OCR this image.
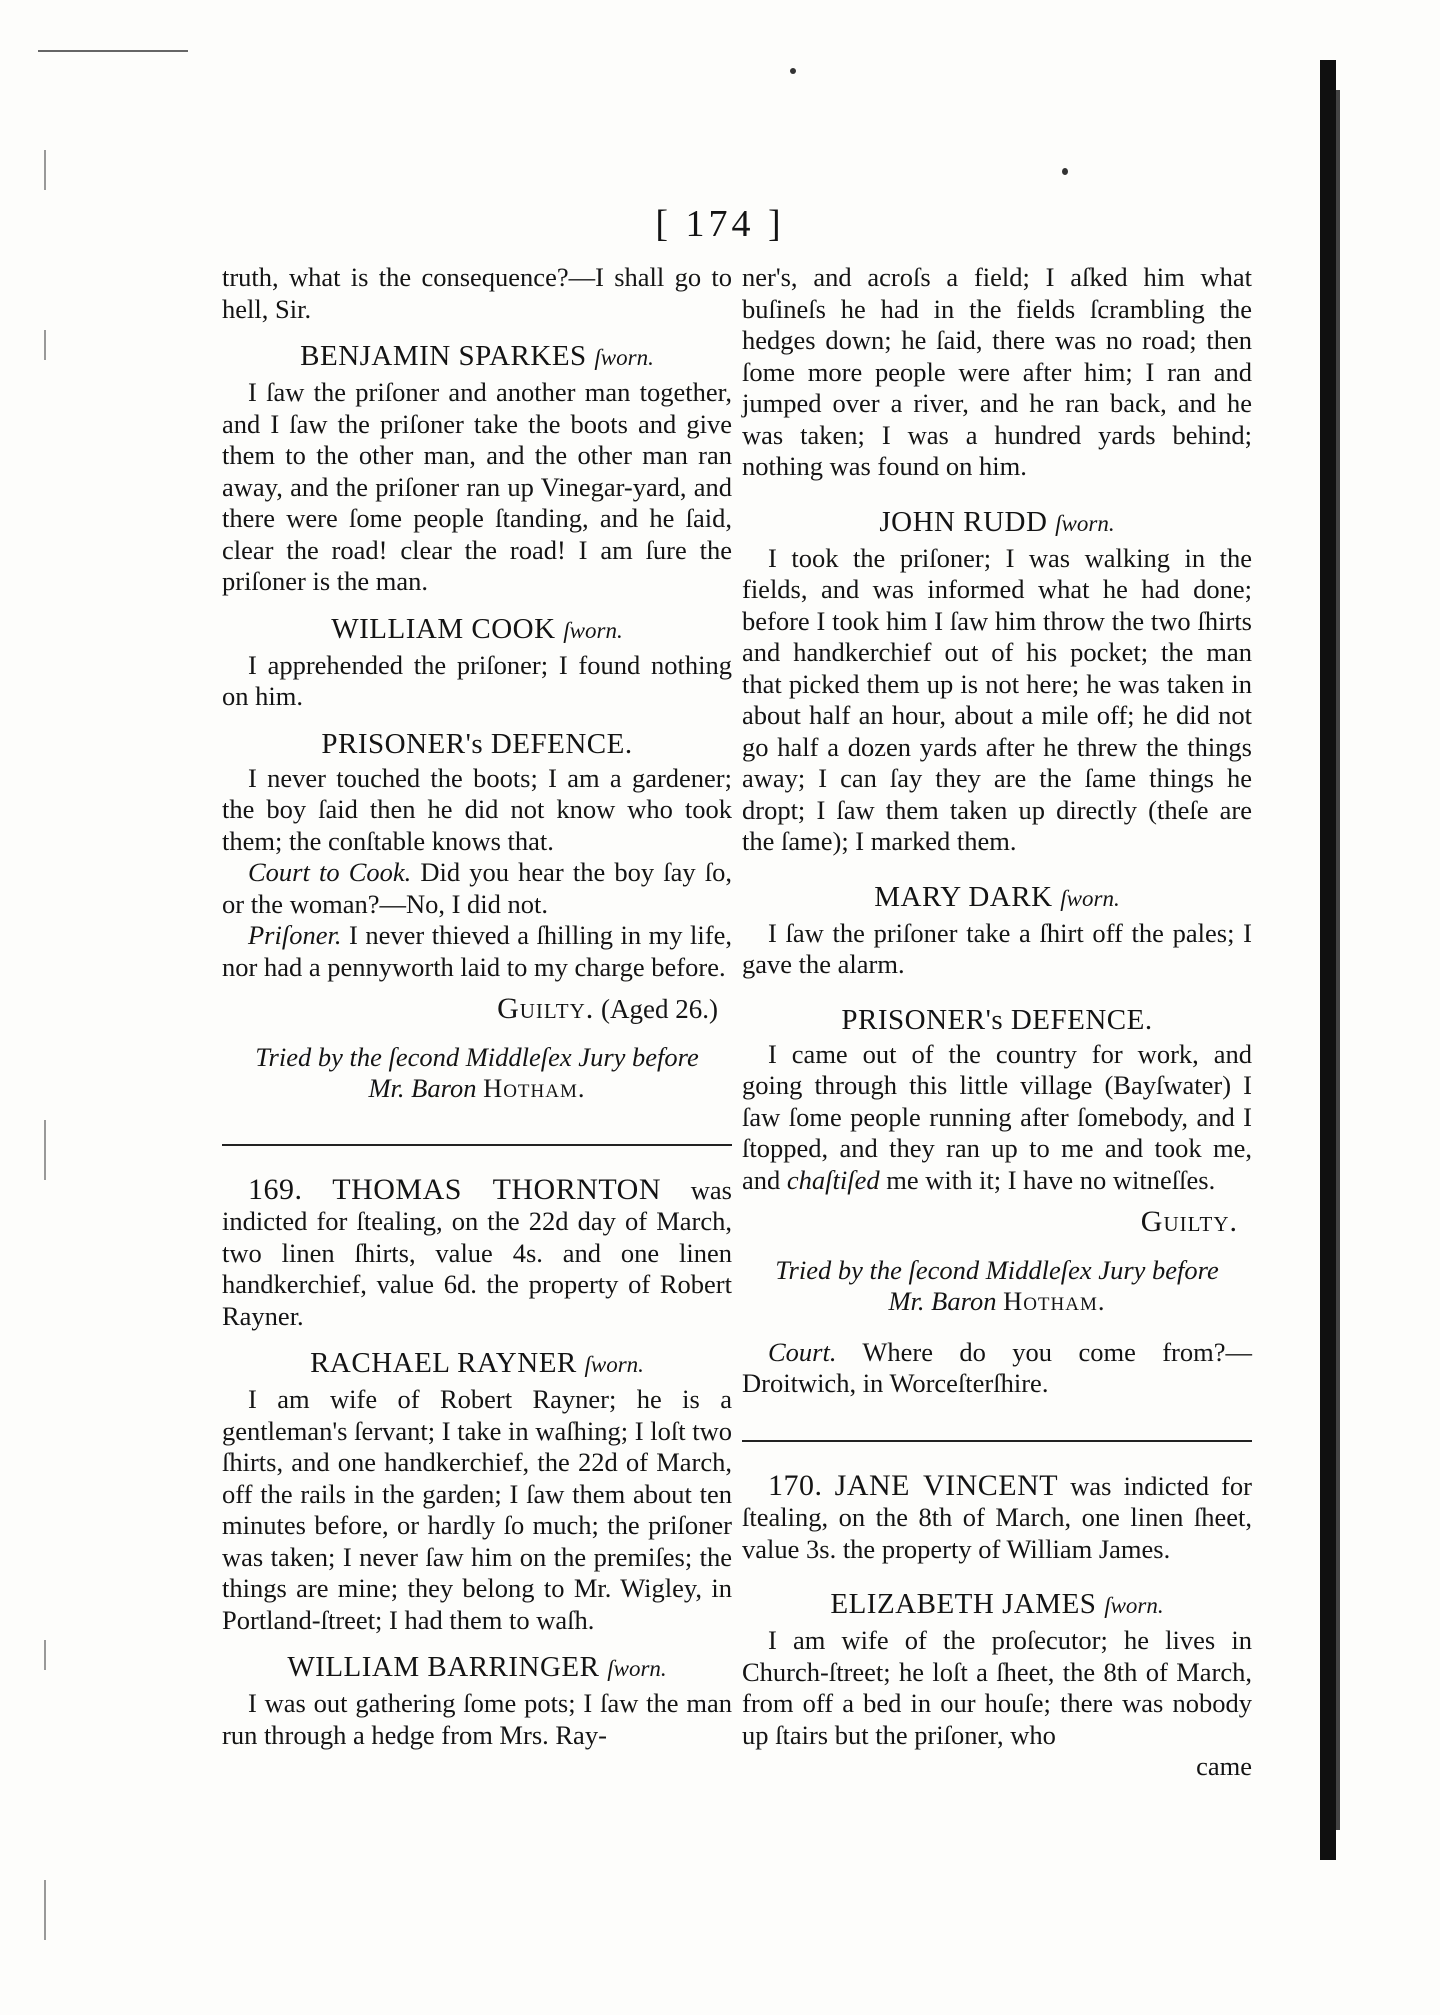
[ 174 ]

truth, what is the consequence?—I shall go to hell, Sir.

BENJAMIN SPARKES ſworn.

I ſaw the priſoner and another man together, and I ſaw the priſoner take the boots and give them to the other man, and the other man ran away, and the priſoner ran up Vinegar-yard, and there were ſome people ſtanding, and he ſaid, clear the road! clear the road! I am ſure the priſoner is the man.

WILLIAM COOK ſworn.

I apprehended the priſoner; I found nothing on him.

PRISONER's DEFENCE.

I never touched the boots; I am a gardener; the boy ſaid then he did not know who took them; the conſtable knows that.

Court to Cook. Did you hear the boy ſay ſo, or the woman?—No, I did not.

Priſoner. I never thieved a ſhilling in my life, nor had a pennyworth laid to my charge before.

Guilty. (Aged 26.)
Tried by the ſecond Middleſex Jury before
Mr. Baron Hotham.

169. THOMAS THORNTON was indicted for ſtealing, on the 22d day of March, two linen ſhirts, value 4s. and one linen handkerchief, value 6d. the property of Robert Rayner.

RACHAEL RAYNER ſworn.

I am wife of Robert Rayner; he is a gentleman's ſervant; I take in waſhing; I loſt two ſhirts, and one handkerchief, the 22d of March, off the rails in the garden; I ſaw them about ten minutes before, or hardly ſo much; the priſoner was taken; I never ſaw him on the premiſes; the things are mine; they belong to Mr. Wigley, in Portland-ſtreet; I had them to waſh.

WILLIAM BARRINGER ſworn.

I was out gathering ſome pots; I ſaw the man run through a hedge from Mrs. Ray-

ner's, and acroſs a field; I aſked him what buſineſs he had in the fields ſcrambling the hedges down; he ſaid, there was no road; then ſome more people were after him; I ran and jumped over a river, and he ran back, and he was taken; I was a hundred yards behind; nothing was found on him.

JOHN RUDD ſworn.

I took the priſoner; I was walking in the fields, and was informed what he had done; before I took him I ſaw him throw the two ſhirts and handkerchief out of his pocket; the man that picked them up is not here; he was taken in about half an hour, about a mile off; he did not go half a dozen yards after he threw the things away; I can ſay they are the ſame things he dropt; I ſaw them taken up directly (theſe are the ſame); I marked them.

MARY DARK ſworn.

I ſaw the priſoner take a ſhirt off the pales; I gave the alarm.

PRISONER's DEFENCE.

I came out of the country for work, and going through this little village (Bayſwater) I ſaw ſome people running after ſomebody, and I ſtopped, and they ran up to me and took me, and chaſtiſed me with it; I have no witneſſes.

Guilty.
Tried by the ſecond Middleſex Jury before
Mr. Baron Hotham.

Court. Where do you come from?—Droitwich, in Worceſterſhire.

170. JANE VINCENT was indicted for ſtealing, on the 8th of March, one linen ſheet, value 3s. the property of William James.

ELIZABETH JAMES ſworn.

I am wife of the proſecutor; he lives in Church-ſtreet; he loſt a ſheet, the 8th of March, from off a bed in our houſe; there was nobody up ſtairs but the priſoner, who

came
